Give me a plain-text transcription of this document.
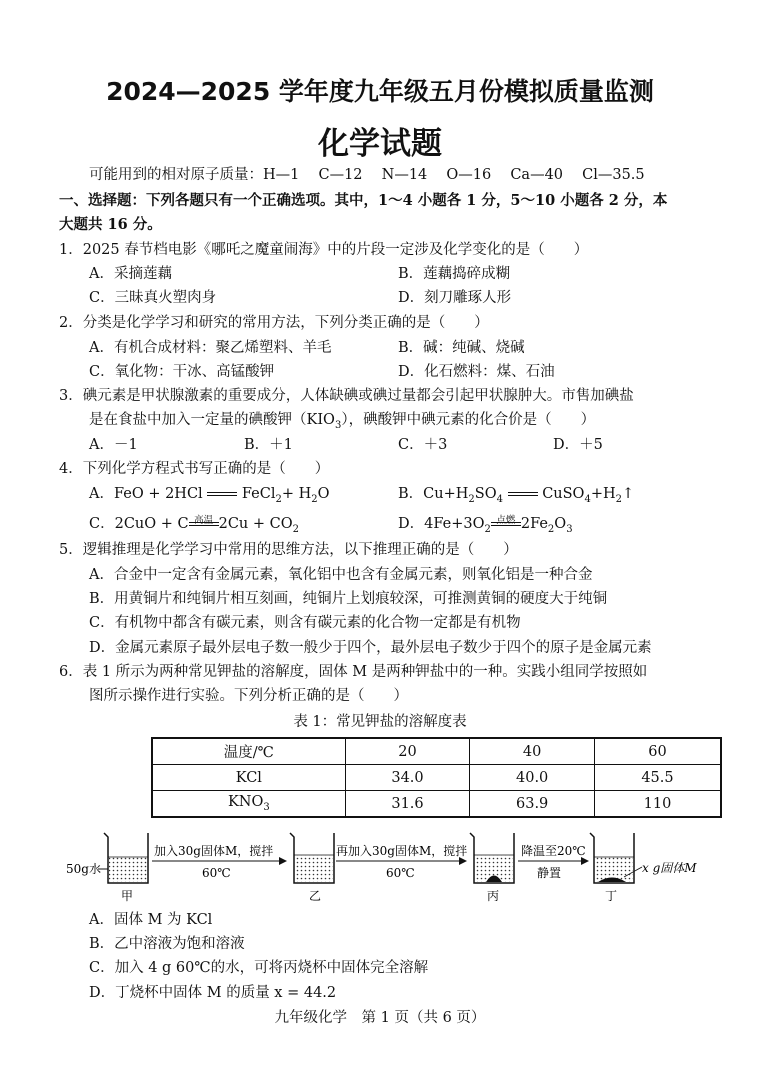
2024—2025 学年度九年级五月份模拟质量监测
化学试题
可能用到的相对原子质量：H—1　 C—12　 N—14　 O—16　 Ca—40　 Cl—35.5
一、选择题：下列各题只有一个正确选项。其中，1～4 小题各 1 分，5～10 小题各 2 分，本
大题共 16 分。
1．2025 春节档电影《哪吒之魔童闹海》中的片段一定涉及化学变化的是（　　）
A．采摘莲藕	B．莲藕捣碎成糊
C．三昧真火塑肉身	D．刻刀雕琢人形
2．分类是化学学习和研究的常用方法，下列分类正确的是（　　）
A．有机合成材料：聚乙烯塑料、羊毛	B．碱：纯碱、烧碱
C．氧化物：干冰、高锰酸钾	D．化石燃料：煤、石油
3．碘元素是甲状腺激素的重要成分，人体缺碘或碘过量都会引起甲状腺肿大。市售加碘盐
是在食盐中加入一定量的碘酸钾$(KIO_3)$，碘酸钾中碘元素的化合价是（　　）
A．－1	B．＋1	C．＋3	D．＋5
4．下列化学方程式书写正确的是（　　）
A．FeO + 2HCl	FeCl$_2$+ $H_2O$	B．$Cu+H_2SO_4$	$CuSO_4+H_2↑$
C．2CuO + C 高温 $2Cu + CO_2$	D．$4Fe+3O_2$
点燃 $2Fe_2O_3$
5．逻辑推理是化学学习中常用的思维方法，以下推理正确的是（　　）
A．合金中一定含有金属元素，氧化铝中也含有金属元素，则氧化铝是一种合金
B．用黄铜片和纯铜片相互刻画，纯铜片上划痕较深，可推测黄铜的硬度大于纯铜
C．有机物中都含有碳元素，则含有碳元素的化合物一定都是有机物
D．金属元素原子最外层电子数一般少于四个，最外层电子数少于四个的原子是金属元素
6．表 1 所示为两种常见钾盐的溶解度，固体 M 是两种钾盐中的一种。实践小组同学按照如
图所示操作进行实验。下列分析正确的是（　　）
表 1：常见钾盐的溶解度表
温度/℃	20	40	60
KCl	34.0	40.0	45.5
$KNO_3$	31.6	63.9	110
50g水
甲
加入30g固体M，搅拌
60℃
乙
再加入30g固体M，搅拌
60℃
丙
降温至20℃
静置	x g固体M
丁
A．固体 M 为 KCl
B．乙中溶液为饱和溶液
C．加入 4 g 60℃的水，可将丙烧杯中固体完全溶解
D．丁烧杯中固体 M 的质量 x = 44.2
九年级化学　第 1 页（共 6 页）
